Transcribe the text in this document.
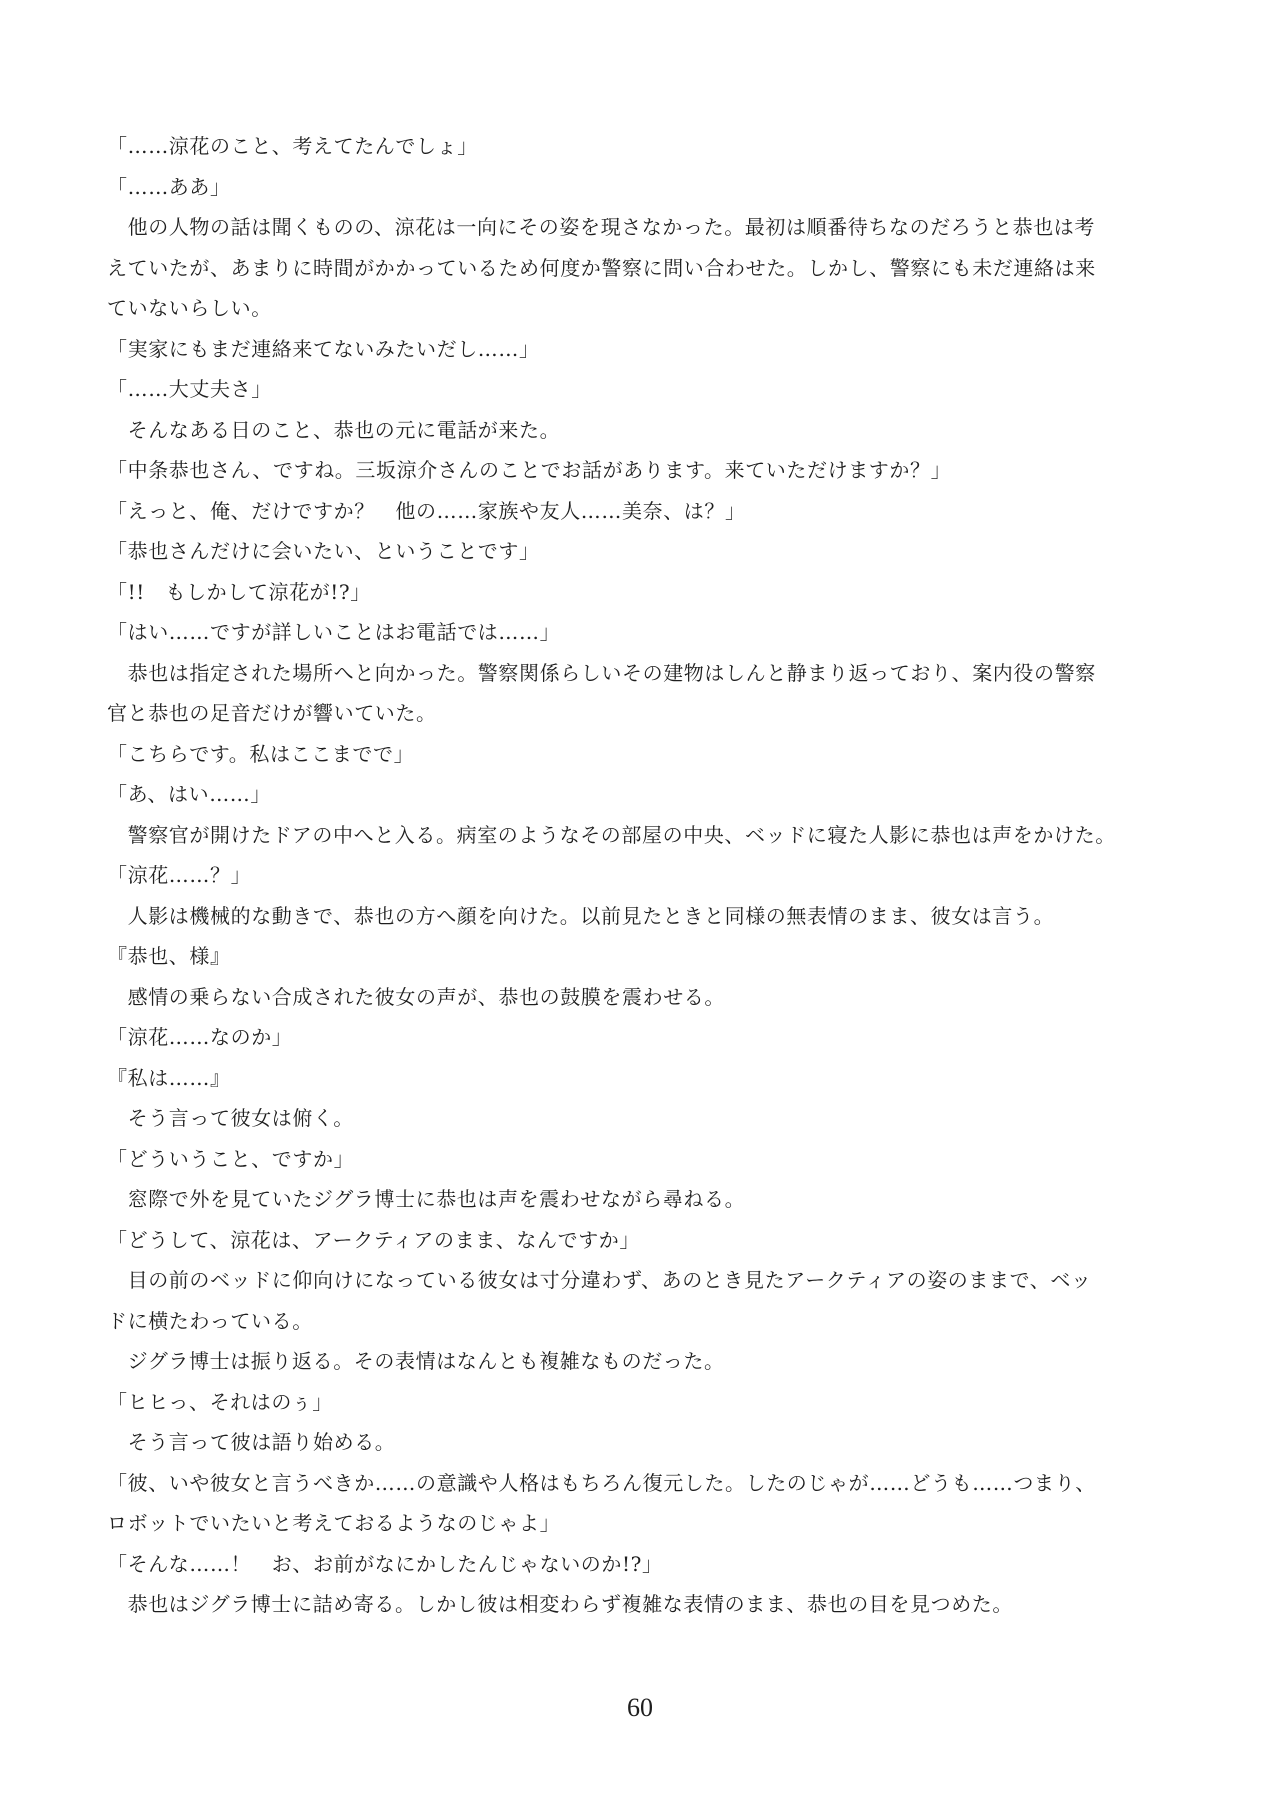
「……涼花のこと、考えてたんでしょ」
「……ああ」
　他の人物の話は聞くものの、涼花は一向にその姿を現さなかった。最初は順番待ちなのだろうと恭也は考
えていたが、あまりに時間がかかっているため何度か警察に問い合わせた。しかし、警察にも未だ連絡は来
ていないらしい。
「実家にもまだ連絡来てないみたいだし……」
「……大丈夫さ」
　そんなある日のこと、恭也の元に電話が来た。
「中条恭也さん、ですね。三坂涼介さんのことでお話があります。来ていただけますか？」
「えっと、俺、だけですか？　他の……家族や友人……美奈、は？」
「恭也さんだけに会いたい、ということです」
「!!　もしかして涼花が!?」
「はい……ですが詳しいことはお電話では……」
　恭也は指定された場所へと向かった。警察関係らしいその建物はしんと静まり返っており、案内役の警察
官と恭也の足音だけが響いていた。
「こちらです。私はここまでで」
「あ、はい……」
　警察官が開けたドアの中へと入る。病室のようなその部屋の中央、ベッドに寝た人影に恭也は声をかけた。
「涼花……？」
　人影は機械的な動きで、恭也の方へ顔を向けた。以前見たときと同様の無表情のまま、彼女は言う。
『恭也、様』
　感情の乗らない合成された彼女の声が、恭也の鼓膜を震わせる。
「涼花……なのか」
『私は……』
　そう言って彼女は俯く。
「どういうこと、ですか」
　窓際で外を見ていたジグラ博士に恭也は声を震わせながら尋ねる。
「どうして、涼花は、アークティアのまま、なんですか」
　目の前のベッドに仰向けになっている彼女は寸分違わず、あのとき見たアークティアの姿のままで、ベッ
ドに横たわっている。
　ジグラ博士は振り返る。その表情はなんとも複雑なものだった。
「ヒヒっ、それはのぅ」
　そう言って彼は語り始める。
「彼、いや彼女と言うべきか……の意識や人格はもちろん復元した。したのじゃが……どうも……つまり、
ロボットでいたいと考えておるようなのじゃよ」
「そんな……！　お、お前がなにかしたんじゃないのか!?」
　恭也はジグラ博士に詰め寄る。しかし彼は相変わらず複雑な表情のまま、恭也の目を見つめた。
60
